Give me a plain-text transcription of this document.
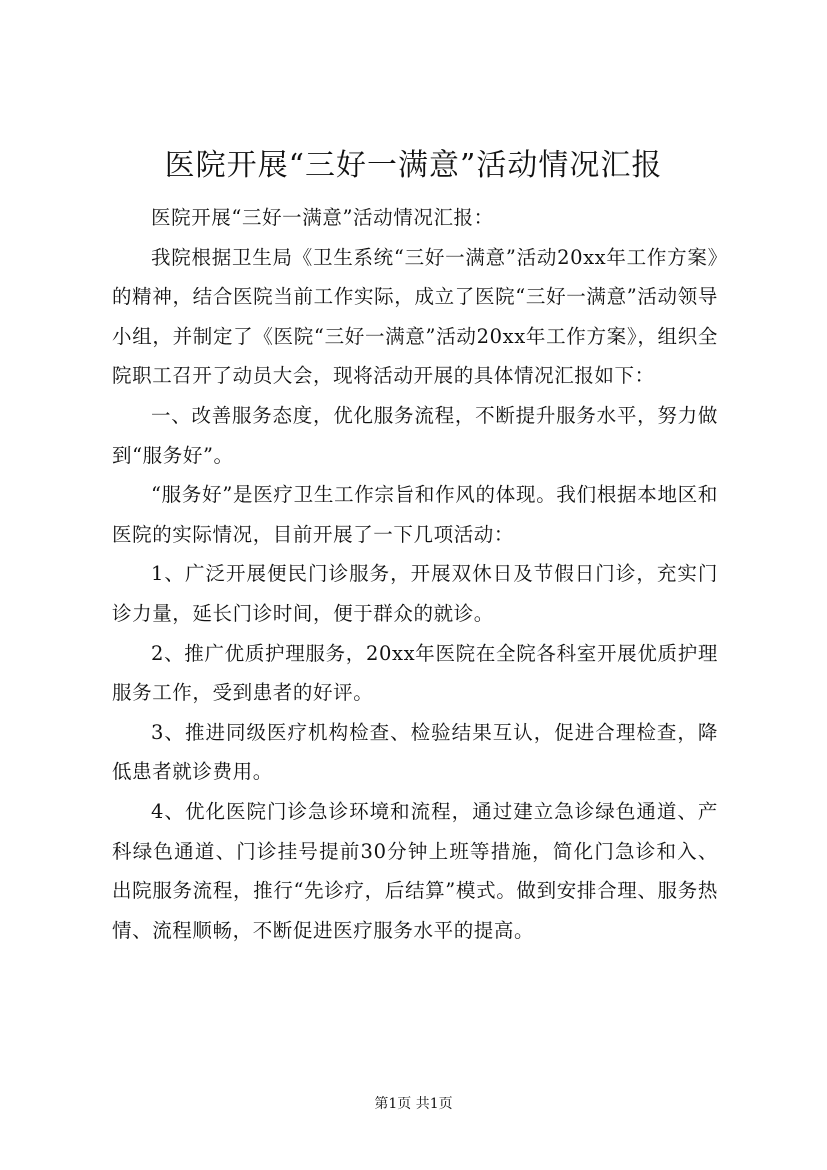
医院开展“三好一满意”活动情况汇报

医院开展“三好一满意”活动情况汇报：

我院根据卫生局《卫生系统“三好一满意”活动20xx年工作方案》的精神，结合医院当前工作实际，成立了医院“三好一满意”活动领导小组，并制定了《医院“三好一满意”活动20xx年工作方案》，组织全院职工召开了动员大会，现将活动开展的具体情况汇报如下：

一、改善服务态度，优化服务流程，不断提升服务水平，努力做到“服务好”。

“服务好”是医疗卫生工作宗旨和作风的体现。我们根据本地区和医院的实际情况，目前开展了一下几项活动：

1、广泛开展便民门诊服务，开展双休日及节假日门诊，充实门诊力量，延长门诊时间，便于群众的就诊。

2、推广优质护理服务，20xx年医院在全院各科室开展优质护理服务工作，受到患者的好评。

3、推进同级医疗机构检查、检验结果互认，促进合理检查，降低患者就诊费用。

4、优化医院门诊急诊环境和流程，通过建立急诊绿色通道、产科绿色通道、门诊挂号提前30分钟上班等措施，简化门急诊和入、出院服务流程，推行“先诊疗，后结算”模式。做到安排合理、服务热情、流程顺畅，不断促进医疗服务水平的提高。

第1页 共1页
